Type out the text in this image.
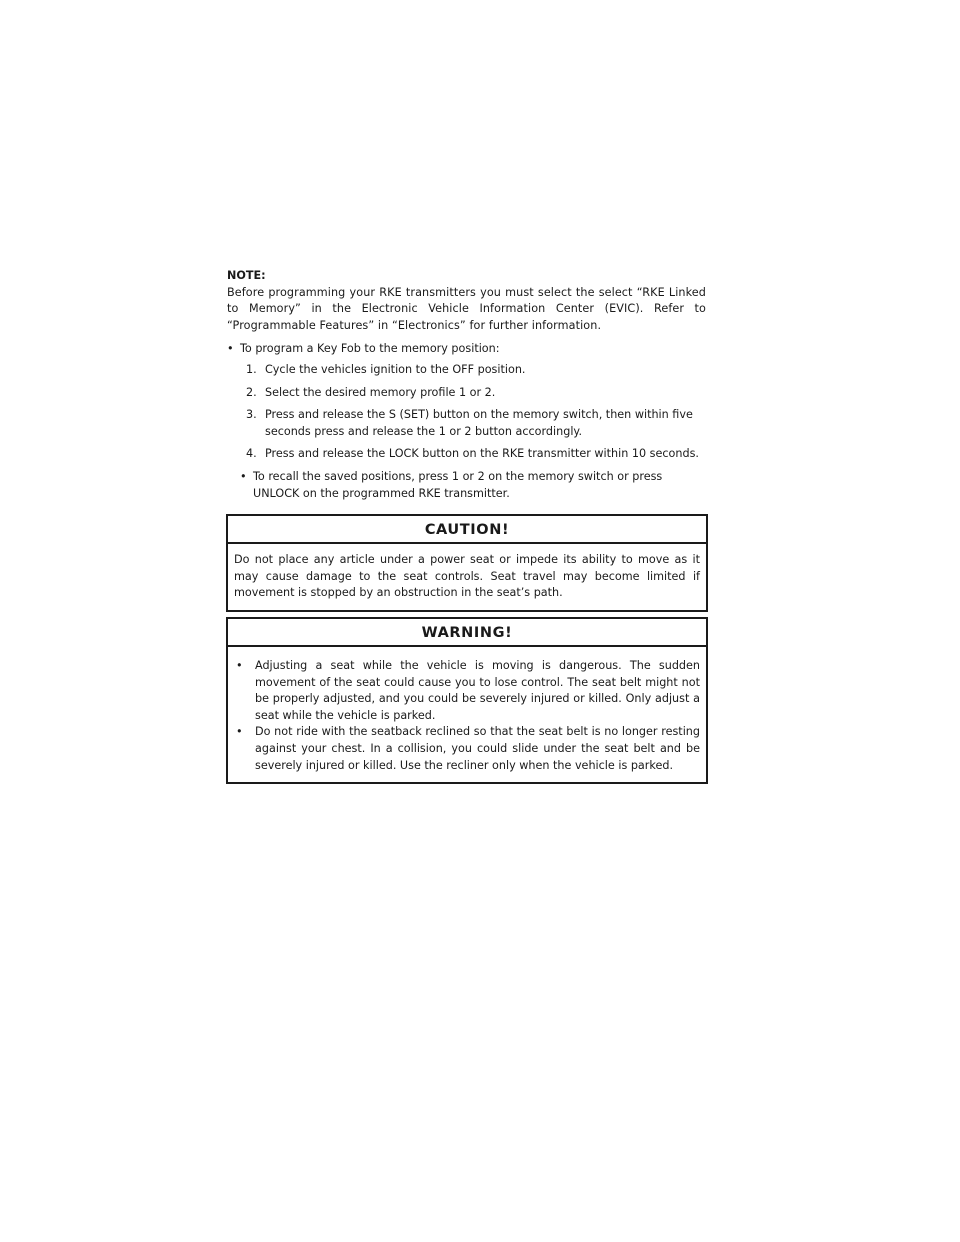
NOTE:

Before programming your RKE transmitters you must select the select “RKE Linked to Memory” in the Electronic Vehicle Information Center (EVIC). Refer to “Programmable Features” in “Electronics” for further information.

• To program a Key Fob to the memory position:
1. Cycle the vehicles ignition to the OFF position.
2. Select the desired memory profile 1 or 2.
3. Press and release the S (SET) button on the memory switch, then within five seconds press and release the 1 or 2 button accordingly.
4. Press and release the LOCK button on the RKE transmitter within 10 seconds.

• To recall the saved positions, press 1 or 2 on the memory switch or press UNLOCK on the programmed RKE transmitter.

CAUTION!
Do not place any article under a power seat or impede its ability to move as it may cause damage to the seat controls. Seat travel may become limited if movement is stopped by an obstruction in the seat’s path.
WARNING!

• Adjusting a seat while the vehicle is moving is dangerous. The sudden movement of the seat could cause you to lose control. The seat belt might not be properly adjusted, and you could be severely injured or killed. Only adjust a seat while the vehicle is parked.

• Do not ride with the seatback reclined so that the seat belt is no longer resting against your chest. In a collision, you could slide under the seat belt and be severely injured or killed. Use the recliner only when the vehicle is parked.
